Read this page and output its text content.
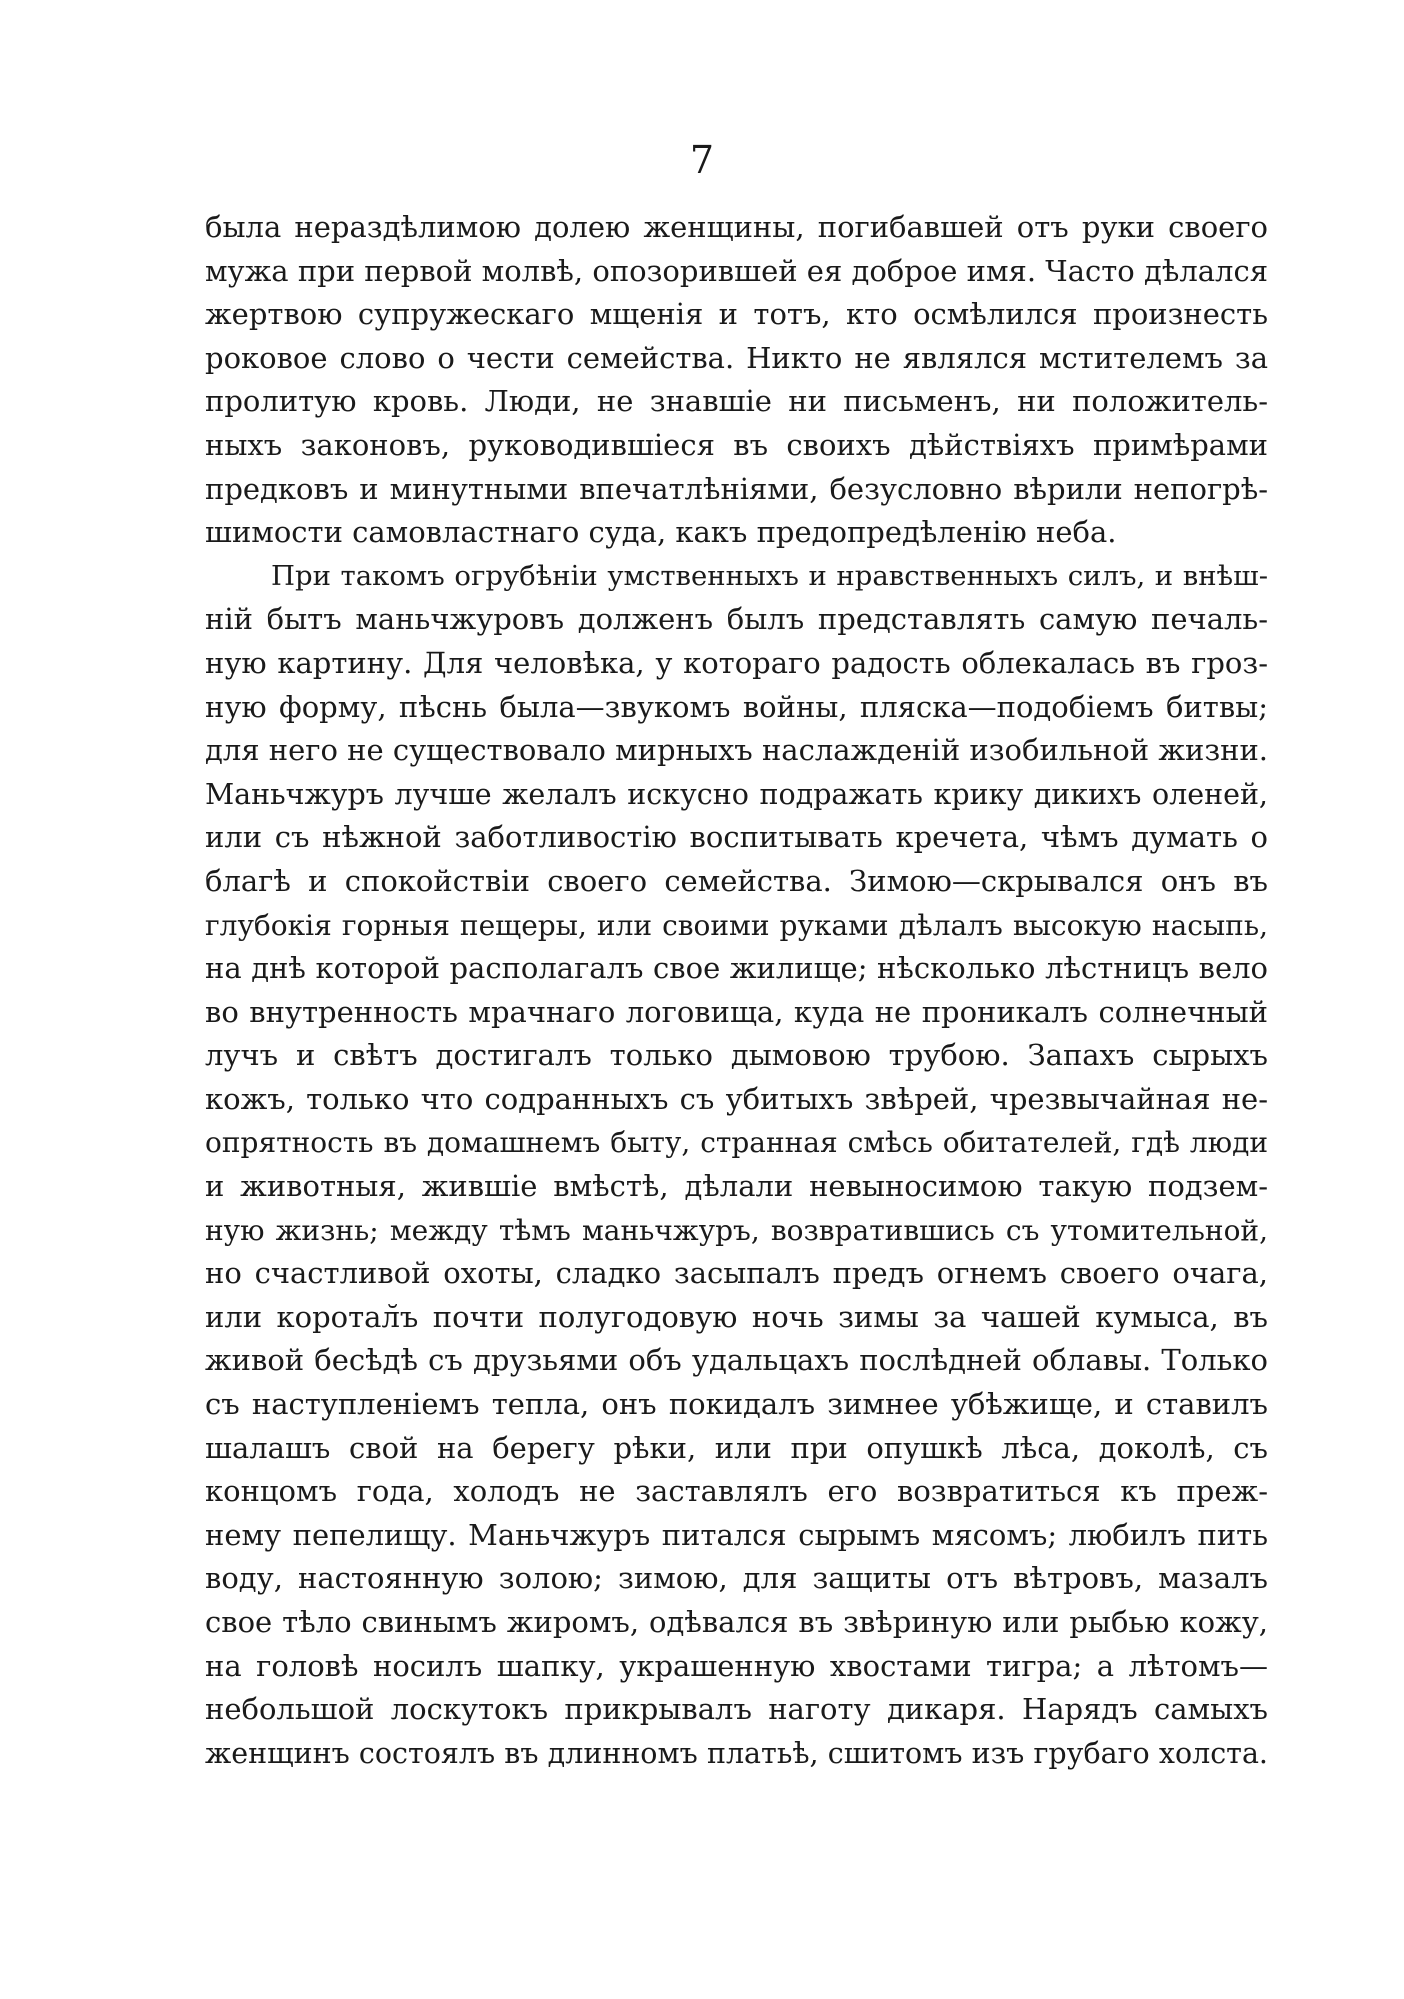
7
была нераздѣлимою долею женщины, погибавшей отъ руки своего
мужа при первой молвѣ, опозорившей ея доброе имя. Часто дѣлался
жертвою супружескаго мщенія и тотъ, кто осмѣлился произнесть
роковое слово о чести семейства. Никто не являлся мстителемъ за
пролитую кровь. Люди, не знавшіе ни письменъ, ни положитель-
ныхъ законовъ, руководившіеся въ своихъ дѣйствіяхъ примѣрами
предковъ и минутными впечатлѣніями, безусловно вѣрили непогрѣ-
шимости самовластнаго суда, какъ предопредѣленію неба.
При такомъ огрубѣніи умственныхъ и нравственныхъ силъ, и внѣш-
ній бытъ маньчжуровъ долженъ былъ представлять самую печаль-
ную картину. Для человѣка, у котораго радость облекалась въ гроз-
ную форму, пѣснь была—звукомъ войны, пляска—подобіемъ битвы;
для него не существовало мирныхъ наслажденій изобильной жизни.
Маньчжуръ лучше желалъ искусно подражать крику дикихъ оленей,
или съ нѣжной заботливостію воспитывать кречета, чѣмъ думать о
благѣ и спокойствіи своего семейства. Зимою—скрывался онъ въ
глубокія горныя пещеры, или своими руками дѣлалъ высокую насыпь,
на днѣ которой располагалъ свое жилище; нѣсколько лѣстницъ вело
во внутренность мрачнаго логовища, куда не проникалъ солнечный
лучъ и свѣтъ достигалъ только дымовою трубою. Запахъ сырыхъ
кожъ, только что содранныхъ съ убитыхъ звѣрей, чрезвычайная не-
опрятность въ домашнемъ быту, странная смѣсь обитателей, гдѣ люди
и животныя, жившіе вмѣстѣ, дѣлали невыносимою такую подзем-
ную жизнь; между тѣмъ маньчжуръ, возвратившись съ утомительной,
но счастливой охоты, сладко засыпалъ предъ огнемъ своего очага,
или коротал̆ъ почти полугодовую ночь зимы за чашей кумыса, въ
живой бесѣдѣ съ друзьями объ удальцахъ послѣдней облавы. Только
съ наступленіемъ тепла, онъ покидалъ зимнее убѣжище, и ставилъ
шалашъ свой на берегу рѣки, или при опушкѣ лѣса, доколѣ, съ
концомъ года, холодъ не заставлялъ его возвратиться къ преж-
нему пепелищу. Маньчжуръ питался сырымъ мясомъ; любилъ пить
воду, настоянную золою; зимою, для защиты отъ вѣтровъ, мазалъ
свое тѣло свинымъ жиромъ, одѣвался въ звѣриную или рыбью кожу,
на головѣ носилъ шапку, украшенную хвостами тигра; а лѣтомъ—
небольшой лоскутокъ прикрывалъ наготу дикаря. Нарядъ самыхъ
женщинъ состоялъ въ длинномъ платьѣ, сшитомъ изъ грубаго холста.
